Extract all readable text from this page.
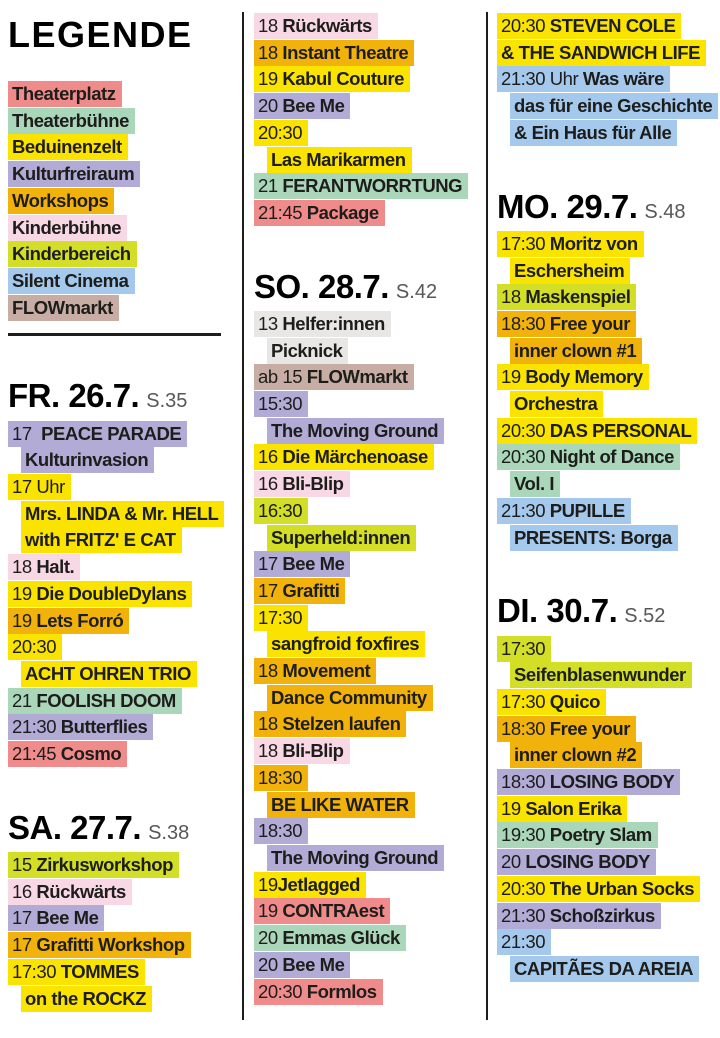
LEGENDE
Theaterplatz
Theaterbühne
Beduinenzelt
Kulturfreiraum
Workshops
Kinderbühne
Kinderbereich
Silent Cinema
FLOWmarkt
FR. 26.7. S.35
17  PEACE PARADE
Kulturinvasion
17 Uhr
Mrs. LINDA & Mr. HELL
with FRITZ' E CAT
18 Halt.
19 Die DoubleDylans
19 Lets Forró
20:30
ACHT OHREN TRIO
21 FOOLISH DOOM
21:30 Butterflies
21:45 Cosmo
SA. 27.7. S.38
15 Zirkusworkshop
16 Rückwärts
17 Bee Me
17 Grafitti Workshop
17:30 TOMMES
on the ROCKZ
18 Rückwärts
18 Instant Theatre
19 Kabul Couture
20 Bee Me
20:30
Las Marikarmen
21 FERANTWORRTUNG
21:45 Package
SO. 28.7. S.42
13 Helfer:innen
Picknick
ab 15 FLOWmarkt
15:30
The Moving Ground
16 Die Märchenoase
16 Bli-Blip
16:30
Superheld:innen
17 Bee Me
17 Grafitti
17:30
sangfroid foxfires
18 Movement
Dance Community
18 Stelzen laufen
18 Bli-Blip
18:30
BE LIKE WATER
18:30
The Moving Ground
19Jetlagged
19 CONTRAest
20 Emmas Glück
20 Bee Me
20:30 Formlos
20:30 STEVEN COLE
& THE SANDWICH LIFE
21:30 Uhr Was wäre
das für eine Geschichte
& Ein Haus für Alle
MO. 29.7. S.48
17:30 Moritz von
Eschersheim
18 Maskenspiel
18:30 Free your
inner clown #1
19 Body Memory
Orchestra
20:30 DAS PERSONAL
20:30 Night of Dance
Vol. I
21:30 PUPILLE
PRESENTS: Borga
DI. 30.7. S.52
17:30
Seifenblasenwunder
17:30 Quico
18:30 Free your
inner clown #2
18:30 LOSING BODY
19 Salon Erika
19:30 Poetry Slam
20 LOSING BODY
20:30 The Urban Socks
21:30 Schoßzirkus
21:30
CAPITÃES DA AREIA
